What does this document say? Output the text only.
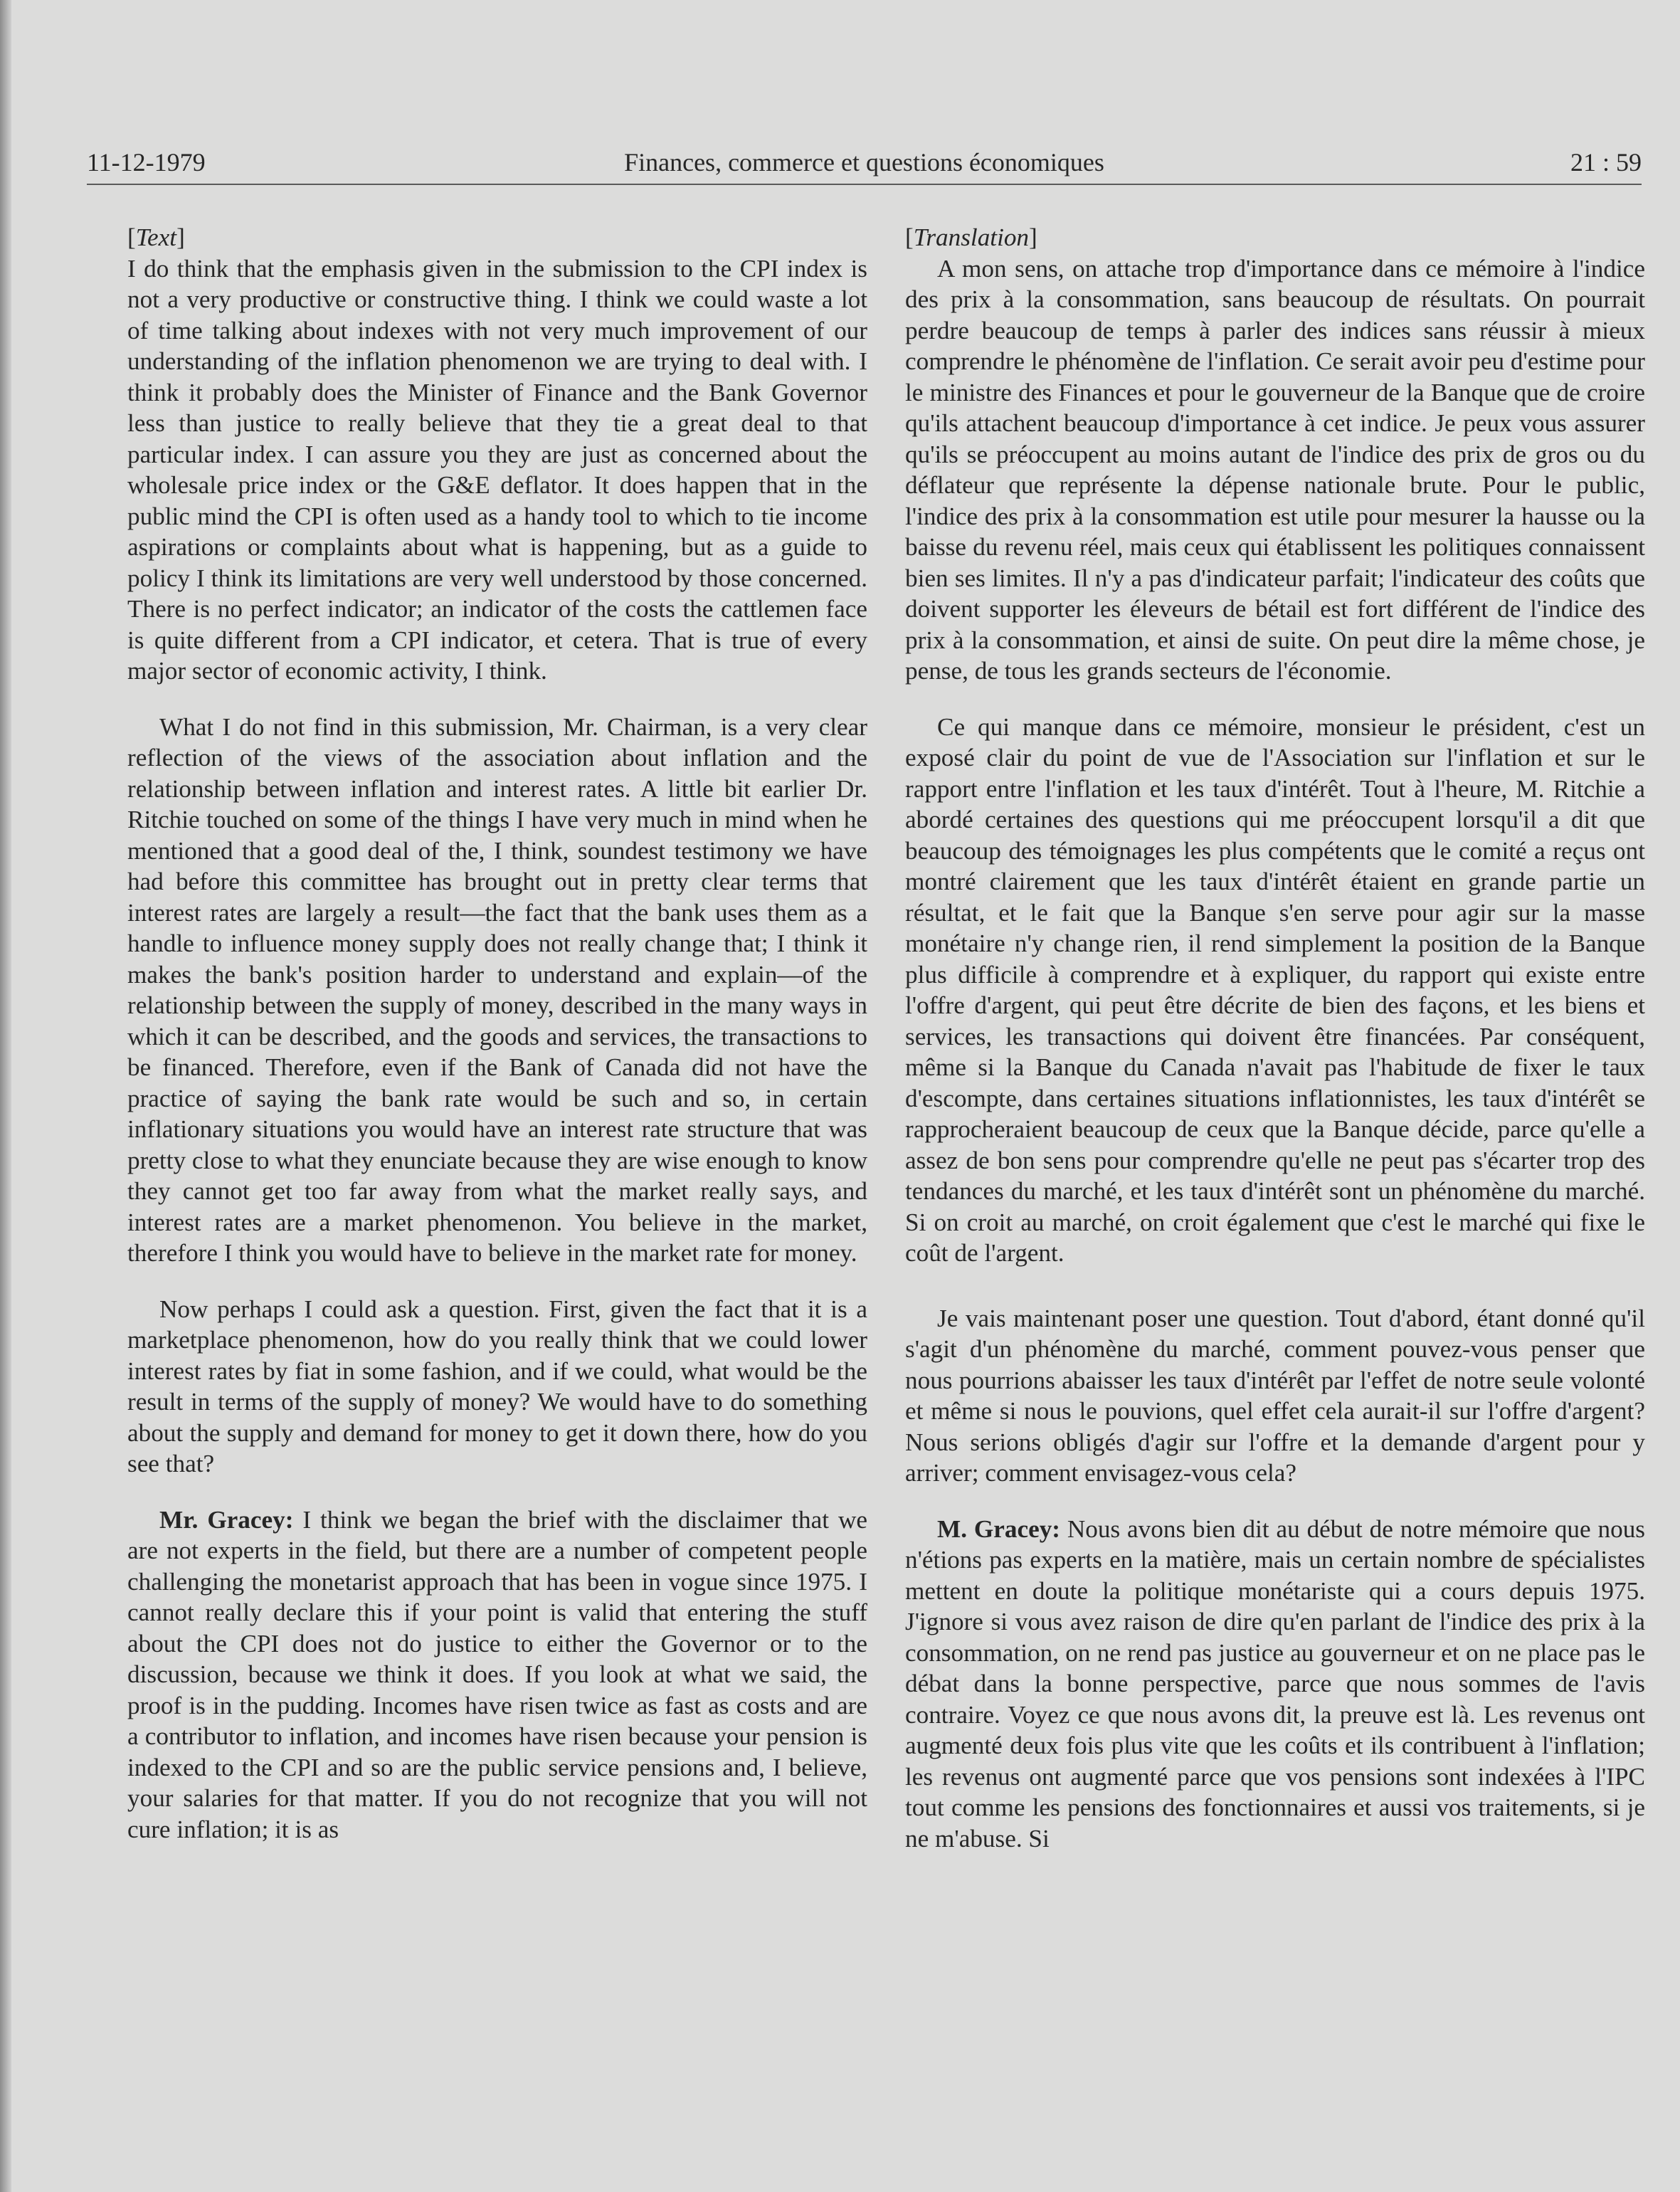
11-12-1979	Finances, commerce et questions économiques	21 : 59

[Text]

I do think that the emphasis given in the submission to the CPI index is not a very productive or constructive thing. I think we could waste a lot of time talking about indexes with not very much improvement of our understanding of the inflation phenomenon we are trying to deal with. I think it probably does the Minister of Finance and the Bank Governor less than justice to really believe that they tie a great deal to that particular index. I can assure you they are just as concerned about the wholesale price index or the G&E deflator. It does happen that in the public mind the CPI is often used as a handy tool to which to tie income aspirations or complaints about what is happening, but as a guide to policy I think its limitations are very well understood by those concerned. There is no perfect indicator; an indicator of the costs the cattlemen face is quite different from a CPI indicator, et cetera. That is true of every major sector of economic activity, I think.

What I do not find in this submission, Mr. Chairman, is a very clear reflection of the views of the association about inflation and the relationship between inflation and interest rates. A little bit earlier Dr. Ritchie touched on some of the things I have very much in mind when he mentioned that a good deal of the, I think, soundest testimony we have had before this committee has brought out in pretty clear terms that interest rates are largely a result—the fact that the bank uses them as a handle to influence money supply does not really change that; I think it makes the bank's position harder to understand and explain—of the relationship between the supply of money, described in the many ways in which it can be described, and the goods and services, the transactions to be financed. Therefore, even if the Bank of Canada did not have the practice of saying the bank rate would be such and so, in certain inflationary situations you would have an interest rate structure that was pretty close to what they enunciate because they are wise enough to know they cannot get too far away from what the market really says, and interest rates are a market phenomenon. You believe in the market, therefore I think you would have to believe in the market rate for money.

Now perhaps I could ask a question. First, given the fact that it is a marketplace phenomenon, how do you really think that we could lower interest rates by fiat in some fashion, and if we could, what would be the result in terms of the supply of money? We would have to do something about the supply and demand for money to get it down there, how do you see that?

Mr. Gracey: I think we began the brief with the disclaimer that we are not experts in the field, but there are a number of competent people challenging the monetarist approach that has been in vogue since 1975. I cannot really declare this if your point is valid that entering the stuff about the CPI does not do justice to either the Governor or to the discussion, because we think it does. If you look at what we said, the proof is in the pudding. Incomes have risen twice as fast as costs and are a contributor to inflation, and incomes have risen because your pension is indexed to the CPI and so are the public service pensions and, I believe, your salaries for that matter. If you do not recognize that you will not cure inflation; it is as

[Translation]

A mon sens, on attache trop d'importance dans ce mémoire à l'indice des prix à la consommation, sans beaucoup de résultats. On pourrait perdre beaucoup de temps à parler des indices sans réussir à mieux comprendre le phénomène de l'inflation. Ce serait avoir peu d'estime pour le ministre des Finances et pour le gouverneur de la Banque que de croire qu'ils attachent beaucoup d'importance à cet indice. Je peux vous assurer qu'ils se préoccupent au moins autant de l'indice des prix de gros ou du déflateur que représente la dépense nationale brute. Pour le public, l'indice des prix à la consommation est utile pour mesurer la hausse ou la baisse du revenu réel, mais ceux qui établissent les politiques connaissent bien ses limites. Il n'y a pas d'indicateur parfait; l'indicateur des coûts que doivent supporter les éleveurs de bétail est fort différent de l'indice des prix à la consommation, et ainsi de suite. On peut dire la même chose, je pense, de tous les grands secteurs de l'économie.

Ce qui manque dans ce mémoire, monsieur le président, c'est un exposé clair du point de vue de l'Association sur l'inflation et sur le rapport entre l'inflation et les taux d'intérêt. Tout à l'heure, M. Ritchie a abordé certaines des questions qui me préoccupent lorsqu'il a dit que beaucoup des témoignages les plus compétents que le comité a reçus ont montré clairement que les taux d'intérêt étaient en grande partie un résultat, et le fait que la Banque s'en serve pour agir sur la masse monétaire n'y change rien, il rend simplement la position de la Banque plus difficile à comprendre et à expliquer, du rapport qui existe entre l'offre d'argent, qui peut être décrite de bien des façons, et les biens et services, les transactions qui doivent être financées. Par conséquent, même si la Banque du Canada n'avait pas l'habitude de fixer le taux d'escompte, dans certaines situations inflationnistes, les taux d'intérêt se rapprocheraient beaucoup de ceux que la Banque décide, parce qu'elle a assez de bon sens pour comprendre qu'elle ne peut pas s'écarter trop des tendances du marché, et les taux d'intérêt sont un phénomène du marché. Si on croit au marché, on croit également que c'est le marché qui fixe le coût de l'argent.

Je vais maintenant poser une question. Tout d'abord, étant donné qu'il s'agit d'un phénomène du marché, comment pouvez-vous penser que nous pourrions abaisser les taux d'intérêt par l'effet de notre seule volonté et même si nous le pouvions, quel effet cela aurait-il sur l'offre d'argent? Nous serions obligés d'agir sur l'offre et la demande d'argent pour y arriver; comment envisagez-vous cela?

M. Gracey: Nous avons bien dit au début de notre mémoire que nous n'étions pas experts en la matière, mais un certain nombre de spécialistes mettent en doute la politique monétariste qui a cours depuis 1975. J'ignore si vous avez raison de dire qu'en parlant de l'indice des prix à la consommation, on ne rend pas justice au gouverneur et on ne place pas le débat dans la bonne perspective, parce que nous sommes de l'avis contraire. Voyez ce que nous avons dit, la preuve est là. Les revenus ont augmenté deux fois plus vite que les coûts et ils contribuent à l'inflation; les revenus ont augmenté parce que vos pensions sont indexées à l'IPC tout comme les pensions des fonctionnaires et aussi vos traitements, si je ne m'abuse. Si
